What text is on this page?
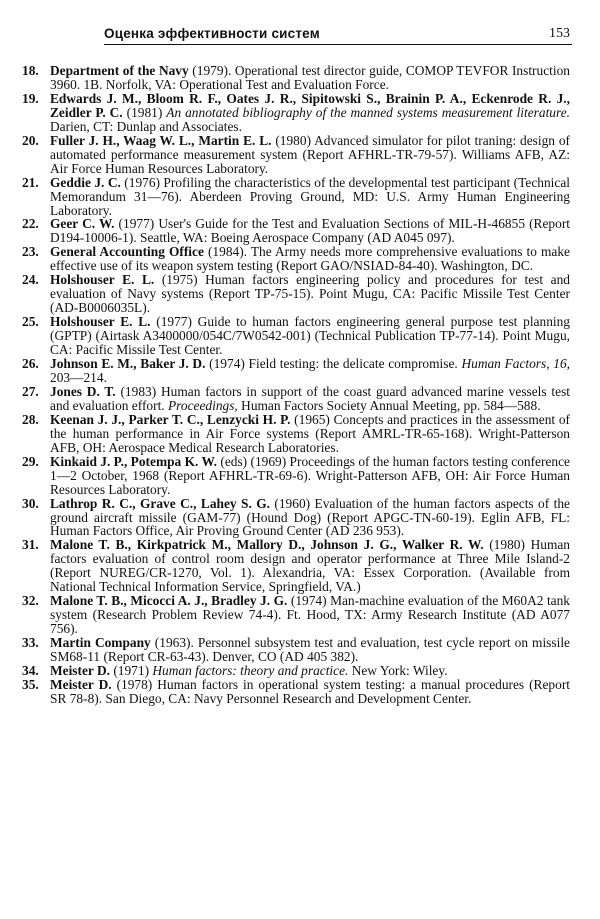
Оценка эффективности систем	153
18. Department of the Navy (1979). Operational test director guide, COMOP TEVFOR Instruction 3960. 1B. Norfolk, VA: Operational Test and Evaluation Force.
19. Edwards J. M., Bloom R. F., Oates J. R., Sipitowski S., Brainin P. A., Eckenrode R. J., Zeidler P. C. (1981) An annotated bibliography of the manned systems measurement literature. Darien, CT: Dunlap and Associates.
20. Fuller J. H., Waag W. L., Martin E. L. (1980) Advanced simulator for pilot traning: design of automated performance measurement system (Report AFHRL-TR-79-57). Williams AFB, AZ: Air Force Human Resources Laboratory.
21. Geddie J. C. (1976) Profiling the characteristics of the developmental test participant (Technical Memorandum 31—76). Aberdeen Proving Ground, MD: U.S. Army Human Engineering Laboratory.
22. Geer C. W. (1977) User's Guide for the Test and Evaluation Sections of MIL-H-46855 (Report D194-10006-1). Seattle, WA: Boeing Aerospace Company (AD A045 097).
23. General Accounting Office (1984). The Army needs more comprehensive evaluations to make effective use of its weapon system testing (Report GAO/NSIAD-84-40). Washington, DC.
24. Holshouser E. L. (1975) Human factors engineering policy and procedures for test and evaluation of Navy systems (Report TP-75-15). Point Mugu, CA: Pacific Missile Test Center (AD-B0006035L).
25. Holshouser E. L. (1977) Guide to human factors engineering general purpose test planning (GPTP) (Airtask A3400000/054C/7W0542-001) (Technical Publication TP-77-14). Point Mugu, CA: Pacific Missile Test Center.
26. Johnson E. M., Baker J. D. (1974) Field testing: the delicate compromise. Human Factors, 16, 203—214.
27. Jones D. T. (1983) Human factors in support of the coast guard advanced marine vessels test and evaluation effort. Proceedings, Human Factors Society Annual Meeting, pp. 584—588.
28. Keenan J. J., Parker T. C., Lenzycki H. P. (1965) Concepts and practices in the assessment of the human performance in Air Force systems (Report AMRL-TR-65-168). Wright-Patterson AFB, OH: Aerospace Medical Research Laboratories.
29. Kinkaid J. P., Potempa K. W. (eds) (1969) Proceedings of the human factors testing conference 1—2 October, 1968 (Report AFHRL-TR-69-6). Wright-Patterson AFB, OH: Air Force Human Resources Laboratory.
30. Lathrop R. C., Grave C., Lahey S. G. (1960) Evaluation of the human factors aspects of the ground aircraft missile (GAM-77) (Hound Dog) (Report APGC-TN-60-19). Eglin AFB, FL: Human Factors Office, Air Proving Ground Center (AD 236 953).
31. Malone T. B., Kirkpatrick M., Mallory D., Johnson J. G., Walker R. W. (1980) Human factors evaluation of control room design and operator performance at Three Mile Island-2 (Report NUREG/CR-1270, Vol. 1). Alexandria, VA: Essex Corporation. (Available from National Technical Information Service, Springfield, VA.)
32. Malone T. B., Micocci A. J., Bradley J. G. (1974) Man-machine evaluation of the M60A2 tank system (Research Problem Review 74-4). Ft. Hood, TX: Army Research Institute (AD A077 756).
33. Martin Company (1963). Personnel subsystem test and evaluation, test cycle report on missile SM68-11 (Report CR-63-43). Denver, CO (AD 405 382).
34. Meister D. (1971) Human factors: theory and practice. New York: Wiley.
35. Meister D. (1978) Human factors in operational system testing: a manual procedures (Report SR 78-8). San Diego, CA: Navy Personnel Research and Development Center.
